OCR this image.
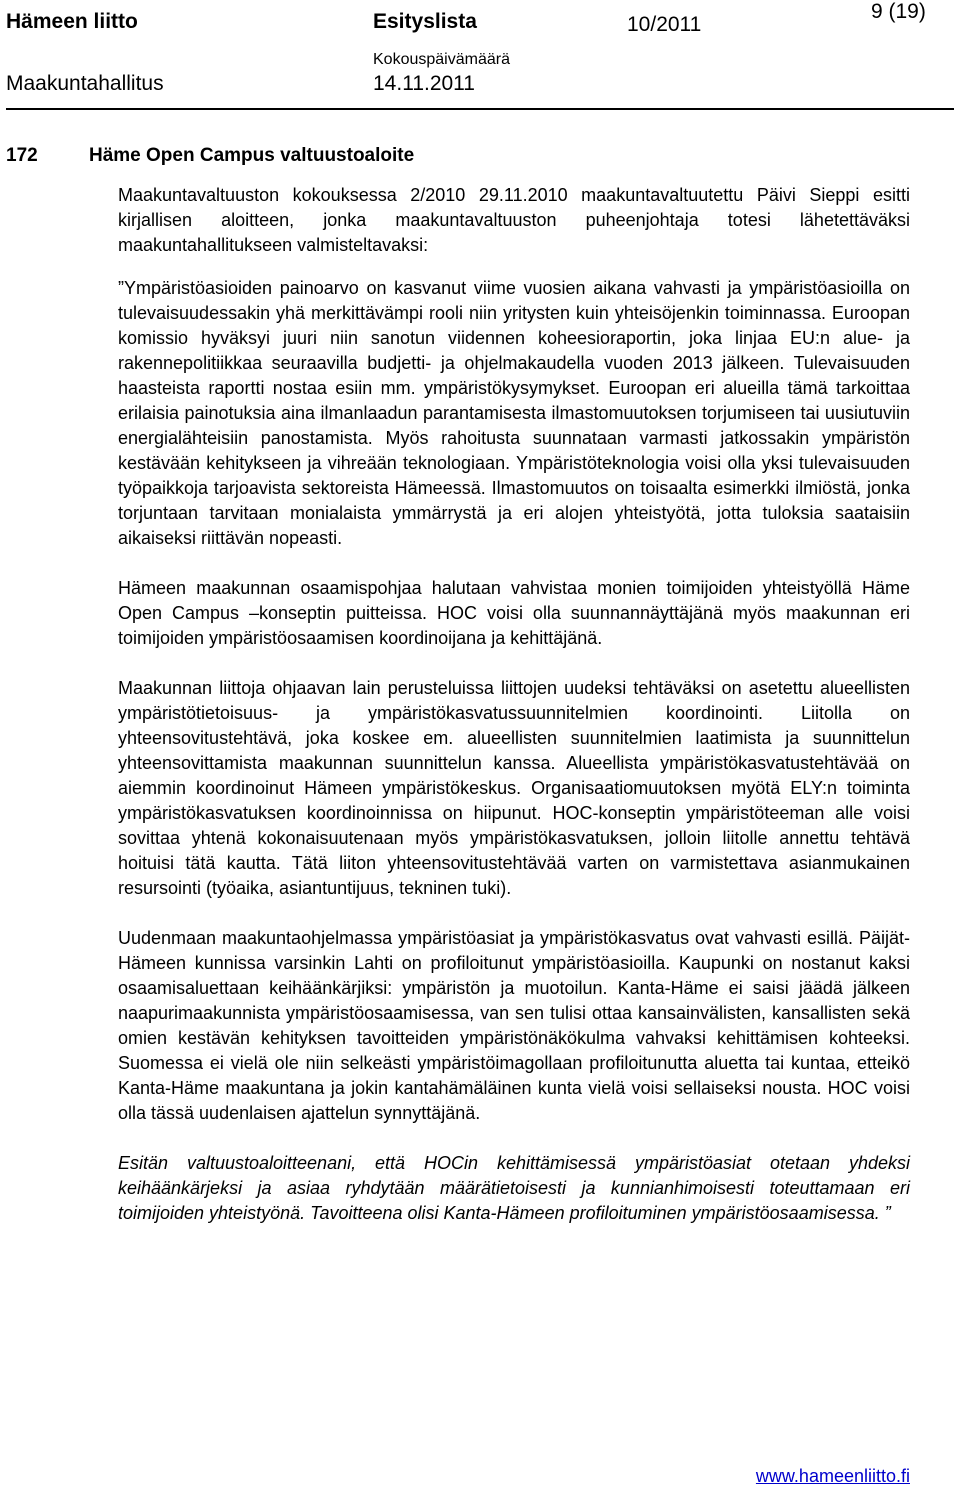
Hämeen liitto	Esityslista	10/2011
9 (19)
Kokouspäivämäärä
Maakuntahallitus	14.11.2011
172	Häme Open Campus valtuustoaloite

Maakuntavaltuuston kokouksessa 2/2010 29.11.2010 maakuntavaltuutettu Päivi Sieppi esitti kirjallisen aloitteen, jonka maakuntavaltuuston puheenjohtaja totesi lähetettäväksi maakuntahallitukseen valmisteltavaksi:

”Ympäristöasioiden painoarvo on kasvanut viime vuosien aikana vahvasti ja ympäristöasioilla on tulevaisuudessakin yhä merkittävämpi rooli niin yritysten kuin yhteisöjenkin toiminnassa. Euroopan komissio hyväksyi juuri niin sanotun viidennen koheesioraportin, joka linjaa EU:n alue- ja rakennepolitiikkaa seuraavilla budjetti- ja ohjelmakaudella vuoden 2013 jälkeen. Tulevaisuuden haasteista raportti nostaa esiin mm. ympäristökysymykset. Euroopan eri alueilla tämä tarkoittaa erilaisia painotuksia aina ilmanlaadun parantamisesta ilmastomuutoksen torjumiseen tai uusiutuviin energialähteisiin panostamista. Myös rahoitusta suunnataan varmasti jatkossakin ympäristön kestävään kehitykseen ja vihreään teknologiaan. Ympäristöteknologia voisi olla yksi tulevaisuuden työpaikkoja tarjoavista sektoreista Hämeessä. Ilmastomuutos on toisaalta esimerkki ilmiöstä, jonka torjuntaan tarvitaan monialaista ymmärrystä ja eri alojen yhteistyötä, jotta tuloksia saataisiin aikaiseksi riittävän nopeasti.

Hämeen maakunnan osaamispohjaa halutaan vahvistaa monien toimijoiden yhteistyöllä Häme Open Campus –konseptin puitteissa. HOC voisi olla suunnannäyttäjänä myös maakunnan eri toimijoiden ympäristöosaamisen koordinoijana ja kehittäjänä.

Maakunnan liittoja ohjaavan lain perusteluissa liittojen uudeksi tehtäväksi on asetettu alueellisten ympäristötietoisuus- ja ympäristökasvatussuunnitelmien koordinointi. Liitolla on yhteensovitustehtävä, joka koskee em. alueellisten suunnitelmien laatimista ja suunnittelun yhteensovittamista maakunnan suunnittelun kanssa. Alueellista ympäristökasvatustehtävää on aiemmin koordinoinut Hämeen ympäristökeskus. Organisaatiomuutoksen myötä ELY:n toiminta ympäristökasvatuksen koordinoinnissa on hiipunut. HOC-konseptin ympäristöteeman alle voisi sovittaa yhtenä kokonaisuutenaan myös ympäristökasvatuksen, jolloin liitolle annettu tehtävä hoituisi tätä kautta. Tätä liiton yhteensovitustehtävää varten on varmistettava asianmukainen resursointi (työaika, asiantuntijuus, tekninen tuki).

Uudenmaan maakuntaohjelmassa ympäristöasiat ja ympäristökasvatus ovat vahvasti esillä. Päijät-Hämeen kunnissa varsinkin Lahti on profiloitunut ympäristöasioilla. Kaupunki on nostanut kaksi osaamisaluettaan keihäänkärjiksi: ympäristön ja muotoilun. Kanta-Häme ei saisi jäädä jälkeen naapurimaakunnista ympäristöosaamisessa, van sen tulisi ottaa kansainvälisten, kansallisten sekä omien kestävän kehityksen tavoitteiden ympäristönäkökulma vahvaksi kehittämisen kohteeksi. Suomessa ei vielä ole niin selkeästi ympäristöimagollaan profiloitunutta aluetta tai kuntaa, etteikö Kanta-Häme maakuntana ja jokin kantahämäläinen kunta vielä voisi sellaiseksi nousta. HOC voisi olla tässä uudenlaisen ajattelun synnyttäjänä.

Esitän valtuustoaloitteenani, että HOCin kehittämisessä ympäristöasiat otetaan yhdeksi keihäänkärjeksi ja asiaa ryhdytään määrätietoisesti ja kunnianhimoisesti toteuttamaan eri toimijoiden yhteistyönä. Tavoitteena olisi Kanta-Hämeen profiloituminen ympäristöosaamisessa. ”

www.hameenliitto.fi
